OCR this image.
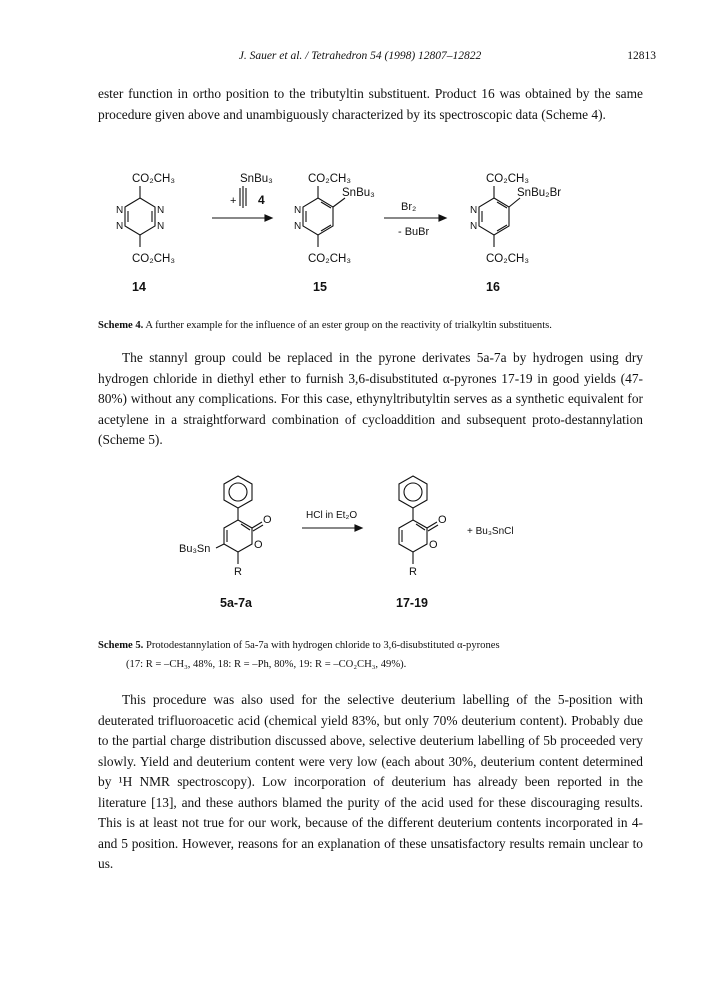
J. Sauer et al. / Tetrahedron 54 (1998) 12807–12822	12813

ester function in ortho position to the tributyltin substituent. Product 16 was obtained by the same procedure given above and unambiguously characterized by its spectroscopic data (Scheme 4).

CO₂CH₃
CO₂CH₃
N	N
N	N
SnBu₃
+ 4
CO₂CH₃
SnBu₃
CO₂CH₃
N
N
Br₂
- BuBr
CO₂CH₃
SnBu₂Br
CO₂CH₃
N
N
14	15	16
Scheme 4. A further example for the influence of an ester group on the reactivity of trialkyltin substituents.

The stannyl group could be replaced in the pyrone derivates 5a-7a by hydrogen using dry hydrogen chloride in diethyl ether to furnish 3,6-disubstituted α-pyrones 17-19 in good yields (47-80%) without any complications. For this case, ethynyltributyltin serves as a synthetic equivalent for acetylene in a straightforward combination of cycloaddition and subsequent proto-destannylation (Scheme 5).

O
O
Bu₃Sn
R
HCl in Et₂O	O
O
R
+ Bu₃SnCl
5a-7a	17-19
Scheme 5. Protodestannylation of 5a-7a with hydrogen chloride to 3,6-disubstituted α-pyrones
(17: R = –CH₃, 48%, 18: R = –Ph, 80%, 19: R = –CO₂CH₃, 49%).

This procedure was also used for the selective deuterium labelling of the 5-position with deuterated trifluoroacetic acid (chemical yield 83%, but only 70% deuterium content). Probably due to the partial charge distribution discussed above, selective deuterium labelling of 5b proceeded very slowly. Yield and deuterium content were very low (each about 30%, deuterium content determined by ¹H NMR spectroscopy). Low incorporation of deuterium has already been reported in the literature [13], and these authors blamed the purity of the acid used for these discouraging results. This is at least not true for our work, because of the different deuterium contents incorporated in 4- and 5 position. However, reasons for an explanation of these unsatisfactory results remain unclear to us.
